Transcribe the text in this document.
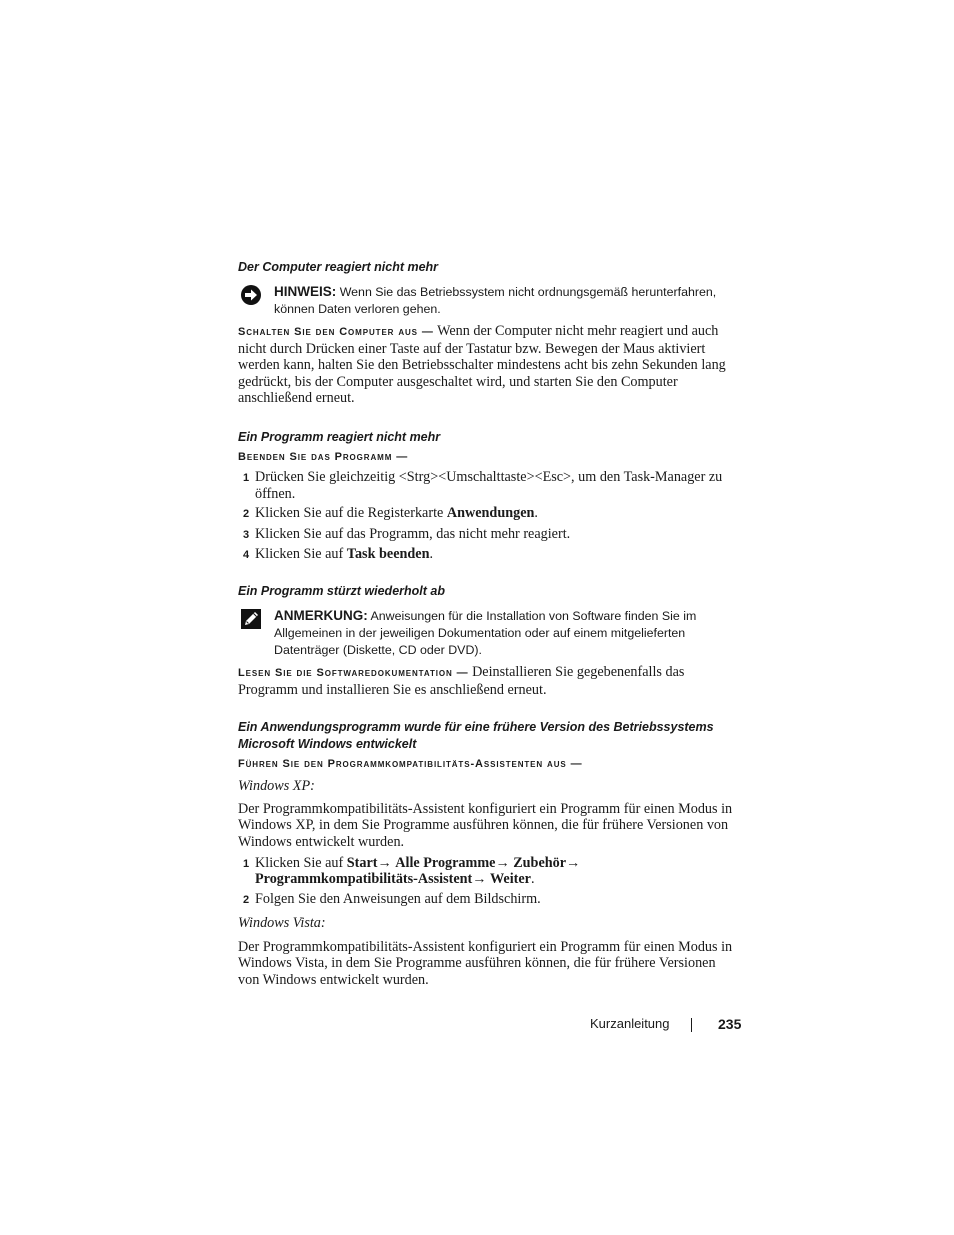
Der Computer reagiert nicht mehr

HINWEIS: Wenn Sie das Betriebssystem nicht ordnungsgemäß herunterfahren, können Daten verloren gehen.

Schalten Sie den Computer aus — Wenn der Computer nicht mehr reagiert und auch nicht durch Drücken einer Taste auf der Tastatur bzw. Bewegen der Maus aktiviert werden kann, halten Sie den Betriebsschalter mindestens acht bis zehn Sekunden lang gedrückt, bis der Computer ausgeschaltet wird, und starten Sie den Computer anschließend erneut.

Ein Programm reagiert nicht mehr

Beenden Sie das Programm —

1 Drücken Sie gleichzeitig <Strg><Umschalttaste><Esc>, um den Task-Manager zu öffnen.
2 Klicken Sie auf die Registerkarte Anwendungen.
3 Klicken Sie auf das Programm, das nicht mehr reagiert.
4 Klicken Sie auf Task beenden.

Ein Programm stürzt wiederholt ab

ANMERKUNG: Anweisungen für die Installation von Software finden Sie im Allgemeinen in der jeweiligen Dokumentation oder auf einem mitgelieferten Datenträger (Diskette, CD oder DVD).

Lesen Sie die Softwaredokumentation — Deinstallieren Sie gegebenenfalls das Programm und installieren Sie es anschließend erneut.

Ein Anwendungsprogramm wurde für eine frühere Version des Betriebssystems Microsoft Windows entwickelt

Führen Sie den Programmkompatibilitäts-Assistenten aus —

Windows XP:

Der Programmkompatibilitäts-Assistent konfiguriert ein Programm für einen Modus in Windows XP, in dem Sie Programme ausführen können, die für frühere Versionen von Windows entwickelt wurden.

1 Klicken Sie auf Start→ Alle Programme→ Zubehör→ Programmkompatibilitäts-Assistent→ Weiter.
2 Folgen Sie den Anweisungen auf dem Bildschirm.

Windows Vista:

Der Programmkompatibilitäts-Assistent konfiguriert ein Programm für einen Modus in Windows Vista, in dem Sie Programme ausführen können, die für frühere Versionen von Windows entwickelt wurden.

Kurzanleitung	235
